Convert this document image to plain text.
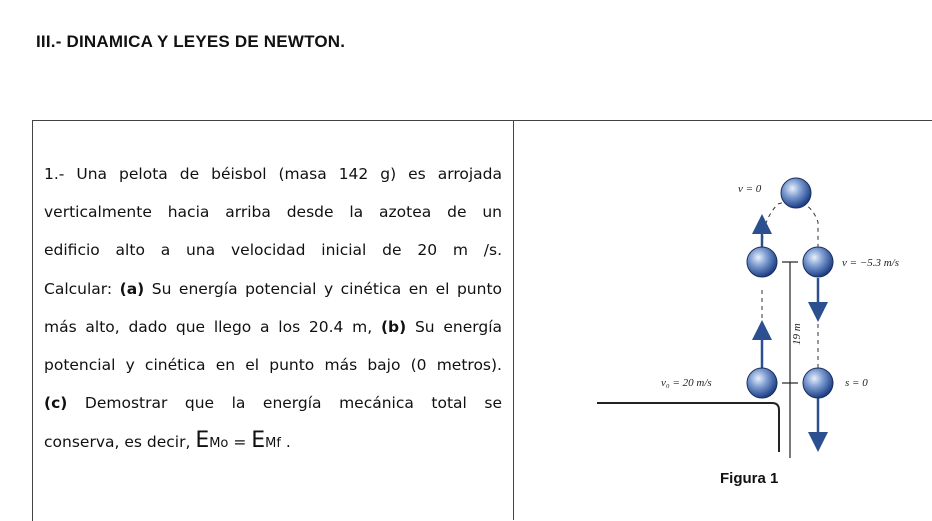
III.- DINAMICA Y LEYES DE NEWTON.

1.- Una pelota de béisbol (masa 142 g) es arrojada

verticalmente hacia arriba desde la azotea de un

edificio alto a una velocidad inicial de 20 m /s.

Calcular: (a) Su energía potencial y cinética en el punto

más alto, dado que llego a los 20.4 m, (b) Su energía

potencial y cinética en el punto más bajo (0 metros).

(c) Demostrar que la energía mecánica total se

conserva, es decir, EMo = EMf .

v = 0
v = −5.3 m/s
19 m
v₀ = 20 m/s	s = 0
Figura 1
